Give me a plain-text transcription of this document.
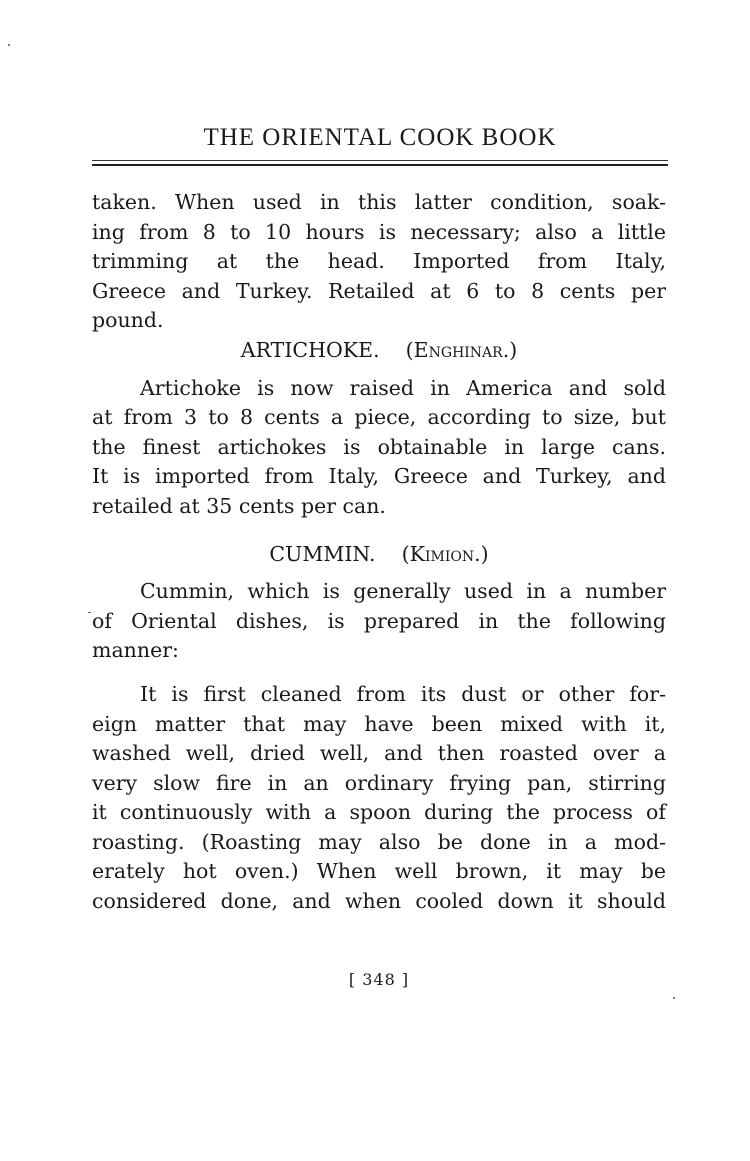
THE ORIENTAL COOK BOOK
taken. When used in this latter condition, soak-
ing from 8 to 10 hours is necessary; also a little
trimming at the head. Imported from Italy,
Greece and Turkey. Retailed at 6 to 8 cents per
pound.
ARTICHOKE. (Enghinar.)
Artichoke is now raised in America and sold
at from 3 to 8 cents a piece, according to size, but
the finest artichokes is obtainable in large cans.
It is imported from Italy, Greece and Turkey, and
retailed at 35 cents per can.
CUMMIN. (Kimion.)
Cummin, which is generally used in a number
of Oriental dishes, is prepared in the following
manner:
It is first cleaned from its dust or other for-
eign matter that may have been mixed with it,
washed well, dried well, and then roasted over a
very slow fire in an ordinary frying pan, stirring
it continuously with a spoon during the process of
roasting. (Roasting may also be done in a mod-
erately hot oven.) When well brown, it may be
considered done, and when cooled down it should
[ 348 ]
